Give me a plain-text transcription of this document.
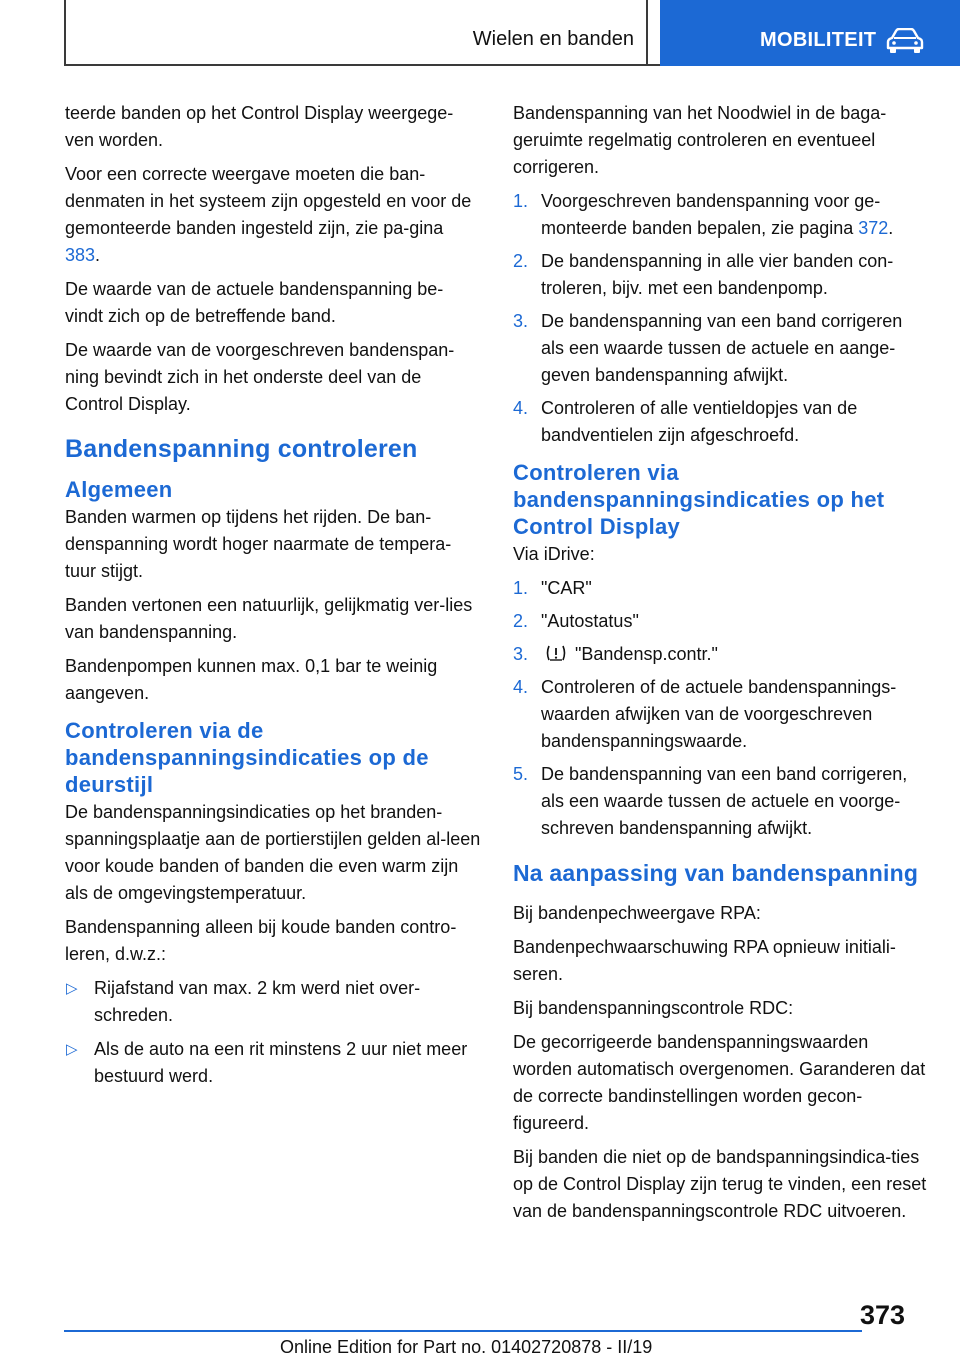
Wielen en banden	MOBILITEIT

teerde banden op het Control Display weergege-ven worden.

Voor een correcte weergave moeten die ban-denmaten in het systeem zijn opgesteld en voor de gemonteerde banden ingesteld zijn, zie pa-gina 383.

De waarde van de actuele bandenspanning be-vindt zich op de betreffende band.

De waarde van de voorgeschreven bandenspan-ning bevindt zich in het onderste deel van de Control Display.

Bandenspanning controleren
Algemeen

Banden warmen op tijdens het rijden. De ban-denspanning wordt hoger naarmate de tempera-tuur stijgt.

Banden vertonen een natuurlijk, gelijkmatig ver-lies van bandenspanning.

Bandenpompen kunnen max. 0,1 bar te weinig aangeven.

Controleren via de bandenspanningsindicaties op de deurstijl

De bandenspanningsindicaties op het branden-spanningsplaatje aan de portierstijlen gelden al-leen voor koude banden of banden die even warm zijn als de omgevingstemperatuur.

Bandenspanning alleen bij koude banden contro-leren, d.w.z.:

▷ Rijafstand van max. 2 km werd niet over-schreden.
▷ Als de auto na een rit minstens 2 uur niet meer bestuurd werd.

Bandenspanning van het Noodwiel in de baga-geruimte regelmatig controleren en eventueel corrigeren.

1. Voorgeschreven bandenspanning voor ge-monteerde banden bepalen, zie pagina 372.
2. De bandenspanning in alle vier banden con-troleren, bijv. met een bandenpomp.
3. De bandenspanning van een band corrigeren als een waarde tussen de actuele en aange-geven bandenspanning afwijkt.
4. Controleren of alle ventieldopjes van de bandventielen zijn afgeschroefd.
Controleren via bandenspanningsindicaties op het Control Display

Via iDrive:

1. "CAR"
2. "Autostatus"
3.	"Bandensp.contr."
4. Controleren of de actuele bandenspannings-waarden afwijken van de voorgeschreven bandenspanningswaarde.
5. De bandenspanning van een band corrigeren, als een waarde tussen de actuele en voorge-schreven bandenspanning afwijkt.
Na aanpassing van bandenspanning

Bij bandenpechweergave RPA:

Bandenpechwaarschuwing RPA opnieuw initiali-seren.

Bij bandenspanningscontrole RDC:

De gecorrigeerde bandenspanningswaarden worden automatisch overgenomen. Garanderen dat de correcte bandinstellingen worden gecon-figureerd.

Bij banden die niet op de bandspanningsindica-ties op de Control Display zijn terug te vinden, een reset van de bandenspanningscontrole RDC uitvoeren.

373
Online Edition for Part no. 01402720878 - II/19
